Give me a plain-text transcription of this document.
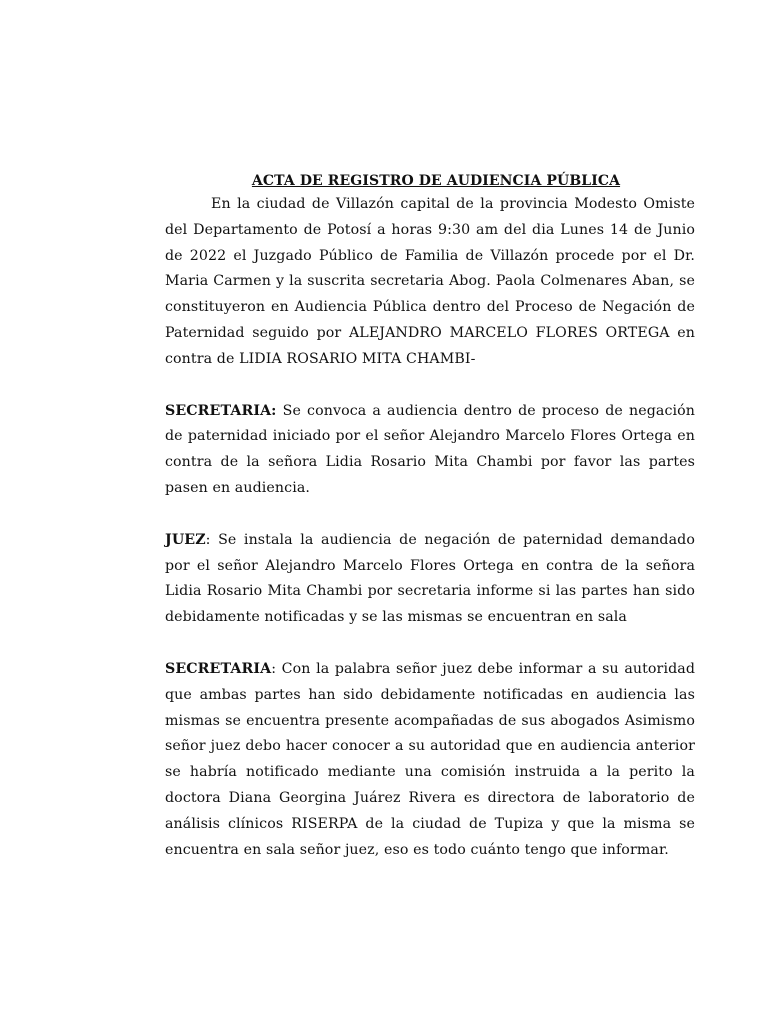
ACTA DE REGISTRO DE AUDIENCIA PÚBLICA

En la ciudad de Villazón capital de la provincia Modesto Omiste del Departamento de Potosí a horas 9:30 am del dia Lunes 14 de Junio de 2022 el Juzgado Público de Familia de Villazón procede por el Dr. Maria Carmen y la suscrita secretaria Abog. Paola Colmenares Aban, se constituyeron en Audiencia Pública dentro del Proceso de Negación de Paternidad seguido por ALEJANDRO MARCELO FLORES ORTEGA en contra de LIDIA ROSARIO MITA CHAMBI-

SECRETARIA: Se convoca a audiencia dentro de proceso de negación de paternidad iniciado por el señor Alejandro Marcelo Flores Ortega en contra de la señora Lidia Rosario Mita Chambi por favor las partes pasen en audiencia.

JUEZ: Se instala la audiencia de negación de paternidad demandado por el señor Alejandro Marcelo Flores Ortega en contra de la señora Lidia Rosario Mita Chambi por secretaria informe si las partes han sido debidamente notificadas y se las mismas se encuentran en sala

SECRETARIA: Con la palabra señor juez debe informar a su autoridad que ambas partes han sido debidamente notificadas en audiencia las mismas se encuentra presente acompañadas de sus abogados Asimismo señor juez debo hacer conocer a su autoridad que en audiencia anterior se habría notificado mediante una comisión instruida a la perito la doctora Diana Georgina Juárez Rivera es directora de laboratorio de análisis clínicos RISERPA de la ciudad de Tupiza y que la misma se encuentra en sala señor juez, eso es todo cuánto tengo que informar.
